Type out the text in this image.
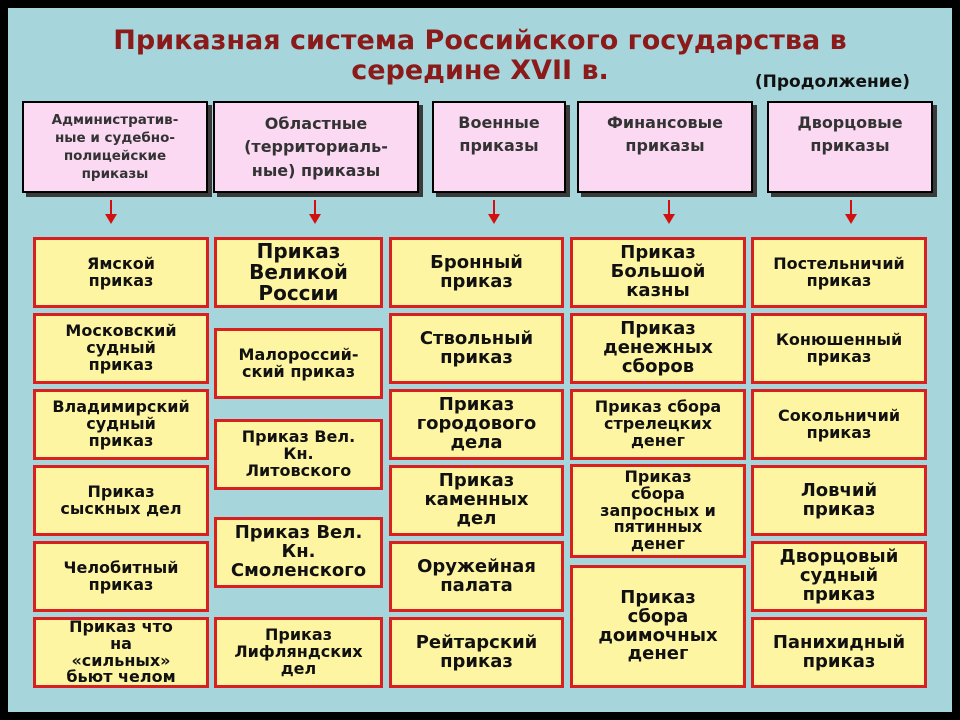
Приказная система Российского государства в
середине XVII в.	(Продолжение)
Административ-
ные и судебно-
полицейские
приказы
Областные
(территориаль-
ные) приказы
Военные
приказы
Финансовые
приказы
Дворцовые
приказы
Ямской
приказ
Московский
судный
приказ
Владимирский
судный
приказ
Приказ
сыскных дел
Челобитный
приказ
Приказ что
на
«сильных»
бьют челом
Приказ
Великой
России
Малороссий-
ский приказ
Приказ Вел.
Кн.
Литовского
Приказ Вел.
Кн.
Смоленского
Приказ
Лифляндских
дел
Бронный
приказ
Ствольный
приказ
Приказ
городового
дела
Приказ
каменных
дел
Оружейная
палата
Рейтарский
приказ
Приказ
Большой
казны
Приказ
денежных
сборов
Приказ сбора
стрелецких
денег
Приказ
сбора
запросных и
пятинных
денег
Приказ
сбора
доимочных
денег
Постельничий
приказ
Конюшенный
приказ
Сокольничий
приказ
Ловчий
приказ
Дворцовый
судный
приказ
Панихидный
приказ
